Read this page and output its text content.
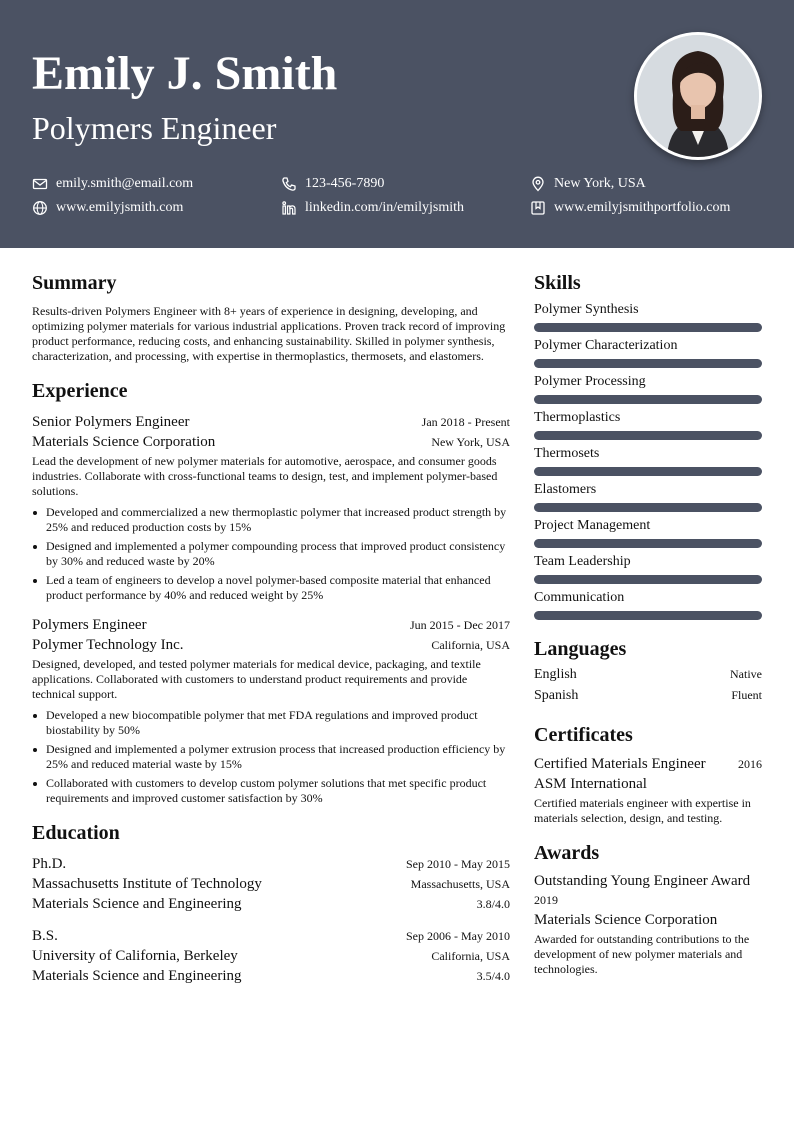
Emily J. Smith
Polymers Engineer
emily.smith@email.com	123-456-7890	New York, USA
www.emilyjsmith.com	linkedin.com/in/emilyjsmith	www.emilyjsmithportfolio.com
Summary
Results-driven Polymers Engineer with 8+ years of experience in designing, developing, and optimizing polymer materials for various industrial applications. Proven track record of improving product performance, reducing costs, and enhancing sustainability. Skilled in polymer synthesis, characterization, and processing, with expertise in thermoplastics, thermosets, and elastomers.
Experience
Senior Polymers Engineer	Jan 2018 - Present
Materials Science Corporation	New York, USA
Lead the development of new polymer materials for automotive, aerospace, and consumer goods industries. Collaborate with cross-functional teams to design, test, and implement polymer-based solutions.
Developed and commercialized a new thermoplastic polymer that increased product strength by 25% and reduced production costs by 15%
Designed and implemented a polymer compounding process that improved product consistency by 30% and reduced waste by 20%
Led a team of engineers to develop a novel polymer-based composite material that enhanced product performance by 40% and reduced weight by 25%
Polymers Engineer	Jun 2015 - Dec 2017
Polymer Technology Inc.	California, USA
Designed, developed, and tested polymer materials for medical device, packaging, and textile applications. Collaborated with customers to understand product requirements and provide technical support.
Developed a new biocompatible polymer that met FDA regulations and improved product biostability by 50%
Designed and implemented a polymer extrusion process that increased production efficiency by 25% and reduced material waste by 15%
Collaborated with customers to develop custom polymer solutions that met specific product requirements and improved customer satisfaction by 30%
Education
Ph.D.	Sep 2010 - May 2015
Massachusetts Institute of Technology	Massachusetts, USA
Materials Science and Engineering	3.8/4.0
B.S.	Sep 2006 - May 2010
University of California, Berkeley	California, USA
Materials Science and Engineering	3.5/4.0
Skills
Polymer Synthesis
Polymer Characterization
Polymer Processing
Thermoplastics
Thermosets
Elastomers
Project Management
Team Leadership
Communication
Languages
English	Native
Spanish	Fluent
Certificates
Certified Materials Engineer	2016
ASM International
Certified materials engineer with expertise in materials selection, design, and testing.
Awards
Outstanding Young Engineer Award
2019
Materials Science Corporation
Awarded for outstanding contributions to the development of new polymer materials and technologies.
